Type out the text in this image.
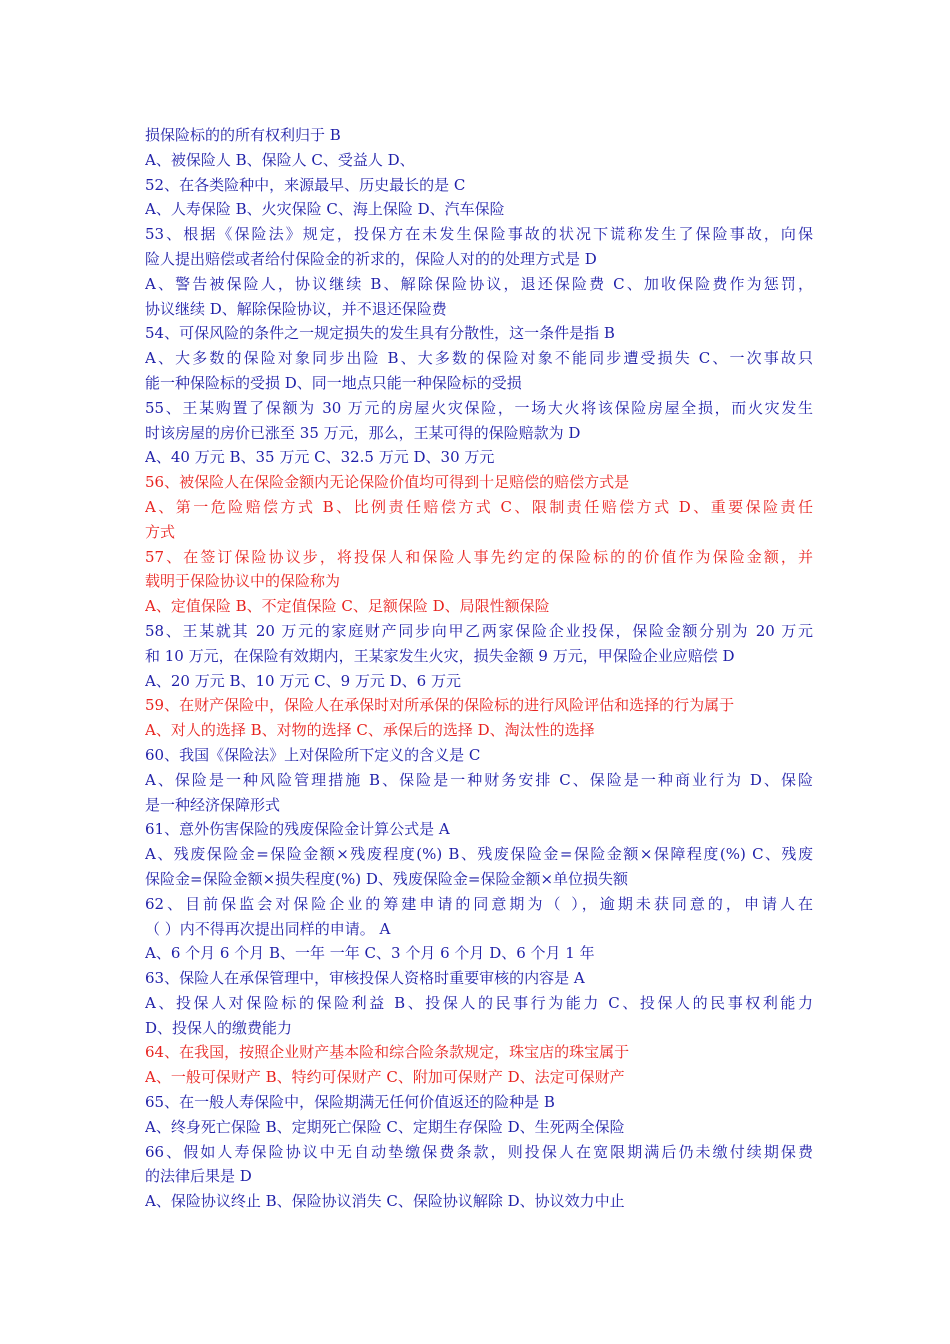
损保险标的的所有权利归于 B
A、被保险人 B、保险人 C、受益人 D、
52、在各类险种中，来源最早、历史最长的是 C
A、人寿保险 B、火灾保险 C、海上保险 D、汽车保险
53、根据《保险法》规定，投保方在未发生保险事故的状况下谎称发生了保险事故，向保
险人提出赔偿或者给付保险金的祈求的，保险人对的的处理方式是 D
A、警告被保险人，协议继续 B、解除保险协议，退还保险费 C、加收保险费作为惩罚，
协议继续 D、解除保险协议，并不退还保险费
54、可保风险的条件之一规定损失的发生具有分散性，这一条件是指 B
A、大多数的保险对象同步出险 B、大多数的保险对象不能同步遭受损失 C、一次事故只
能一种保险标的受损 D、同一地点只能一种保险标的受损
55、王某购置了保额为 30 万元的房屋火灾保险，一场大火将该保险房屋全损，而火灾发生
时该房屋的房价已涨至 35 万元，那么，王某可得的保险赔款为 D
A、40 万元 B、35 万元 C、32.5 万元 D、30 万元
56、被保险人在保险金额内无论保险价值均可得到十足赔偿的赔偿方式是
A、第一危险赔偿方式 B、比例责任赔偿方式 C、限制责任赔偿方式 D、重要保险责任
方式
57、在签订保险协议步，将投保人和保险人事先约定的保险标的的价值作为保险金额，并
载明于保险协议中的保险称为
A、定值保险 B、不定值保险 C、足额保险 D、局限性额保险
58、王某就其 20 万元的家庭财产同步向甲乙两家保险企业投保，保险金额分别为 20 万元
和 10 万元，在保险有效期内，王某家发生火灾，损失金额 9 万元，甲保险企业应赔偿 D
A、20 万元 B、10 万元 C、9 万元 D、6 万元
59、在财产保险中，保险人在承保时对所承保的保险标的进行风险评估和选择的行为属于
A、对人的选择 B、对物的选择 C、承保后的选择 D、淘汰性的选择
60、我国《保险法》上对保险所下定义的含义是 C
A、保险是一种风险管理措施 B、保险是一种财务安排 C、保险是一种商业行为 D、保险
是一种经济保障形式
61、意外伤害保险的残废保险金计算公式是 A
A、残废保险金=保险金额×残废程度(%) B、残废保险金=保险金额×保障程度(%) C、残废
保险金=保险金额×损失程度(%) D、残废保险金=保险金额×单位损失额
62、目前保监会对保险企业的筹建申请的同意期为（ ），逾期未获同意的，申请人在
（ ）内不得再次提出同样的申请。 A
A、6 个月 6 个月 B、一年 一年 C、3 个月 6 个月 D、6 个月 1 年
63、保险人在承保管理中，审核投保人资格时重要审核的内容是 A
A、投保人对保险标的保险利益 B、投保人的民事行为能力 C、投保人的民事权利能力
D、投保人的缴费能力
64、在我国，按照企业财产基本险和综合险条款规定，珠宝店的珠宝属于
A、一般可保财产 B、特约可保财产 C、附加可保财产 D、法定可保财产
65、在一般人寿保险中，保险期满无任何价值返还的险种是 B
A、终身死亡保险 B、定期死亡保险 C、定期生存保险 D、生死两全保险
66、假如人寿保险协议中无自动垫缴保费条款，则投保人在宽限期满后仍未缴付续期保费
的法律后果是 D
A、保险协议终止 B、保险协议消失 C、保险协议解除 D、协议效力中止
